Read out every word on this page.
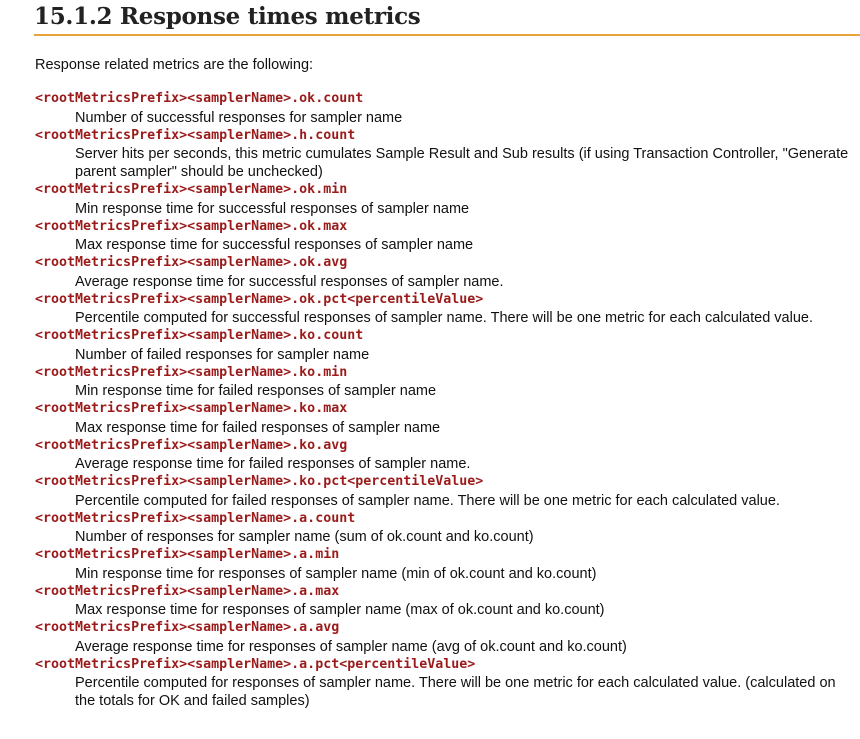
15.1.2 Response times metrics

Response related metrics are the following:

<rootMetricsPrefix><samplerName>.ok.count
Number of successful responses for sampler name
<rootMetricsPrefix><samplerName>.h.count
Server hits per seconds, this metric cumulates Sample Result and Sub results (if using Transaction Controller, "Generate parent sampler" should be unchecked)
<rootMetricsPrefix><samplerName>.ok.min
Min response time for successful responses of sampler name
<rootMetricsPrefix><samplerName>.ok.max
Max response time for successful responses of sampler name
<rootMetricsPrefix><samplerName>.ok.avg
Average response time for successful responses of sampler name.
<rootMetricsPrefix><samplerName>.ok.pct<percentileValue>
Percentile computed for successful responses of sampler name. There will be one metric for each calculated value.
<rootMetricsPrefix><samplerName>.ko.count
Number of failed responses for sampler name
<rootMetricsPrefix><samplerName>.ko.min
Min response time for failed responses of sampler name
<rootMetricsPrefix><samplerName>.ko.max
Max response time for failed responses of sampler name
<rootMetricsPrefix><samplerName>.ko.avg
Average response time for failed responses of sampler name.
<rootMetricsPrefix><samplerName>.ko.pct<percentileValue>
Percentile computed for failed responses of sampler name. There will be one metric for each calculated value.
<rootMetricsPrefix><samplerName>.a.count
Number of responses for sampler name (sum of ok.count and ko.count)
<rootMetricsPrefix><samplerName>.a.min
Min response time for responses of sampler name (min of ok.count and ko.count)
<rootMetricsPrefix><samplerName>.a.max
Max response time for responses of sampler name (max of ok.count and ko.count)
<rootMetricsPrefix><samplerName>.a.avg
Average response time for responses of sampler name (avg of ok.count and ko.count)
<rootMetricsPrefix><samplerName>.a.pct<percentileValue>
Percentile computed for responses of sampler name. There will be one metric for each calculated value. (calculated on the totals for OK and failed samples)
